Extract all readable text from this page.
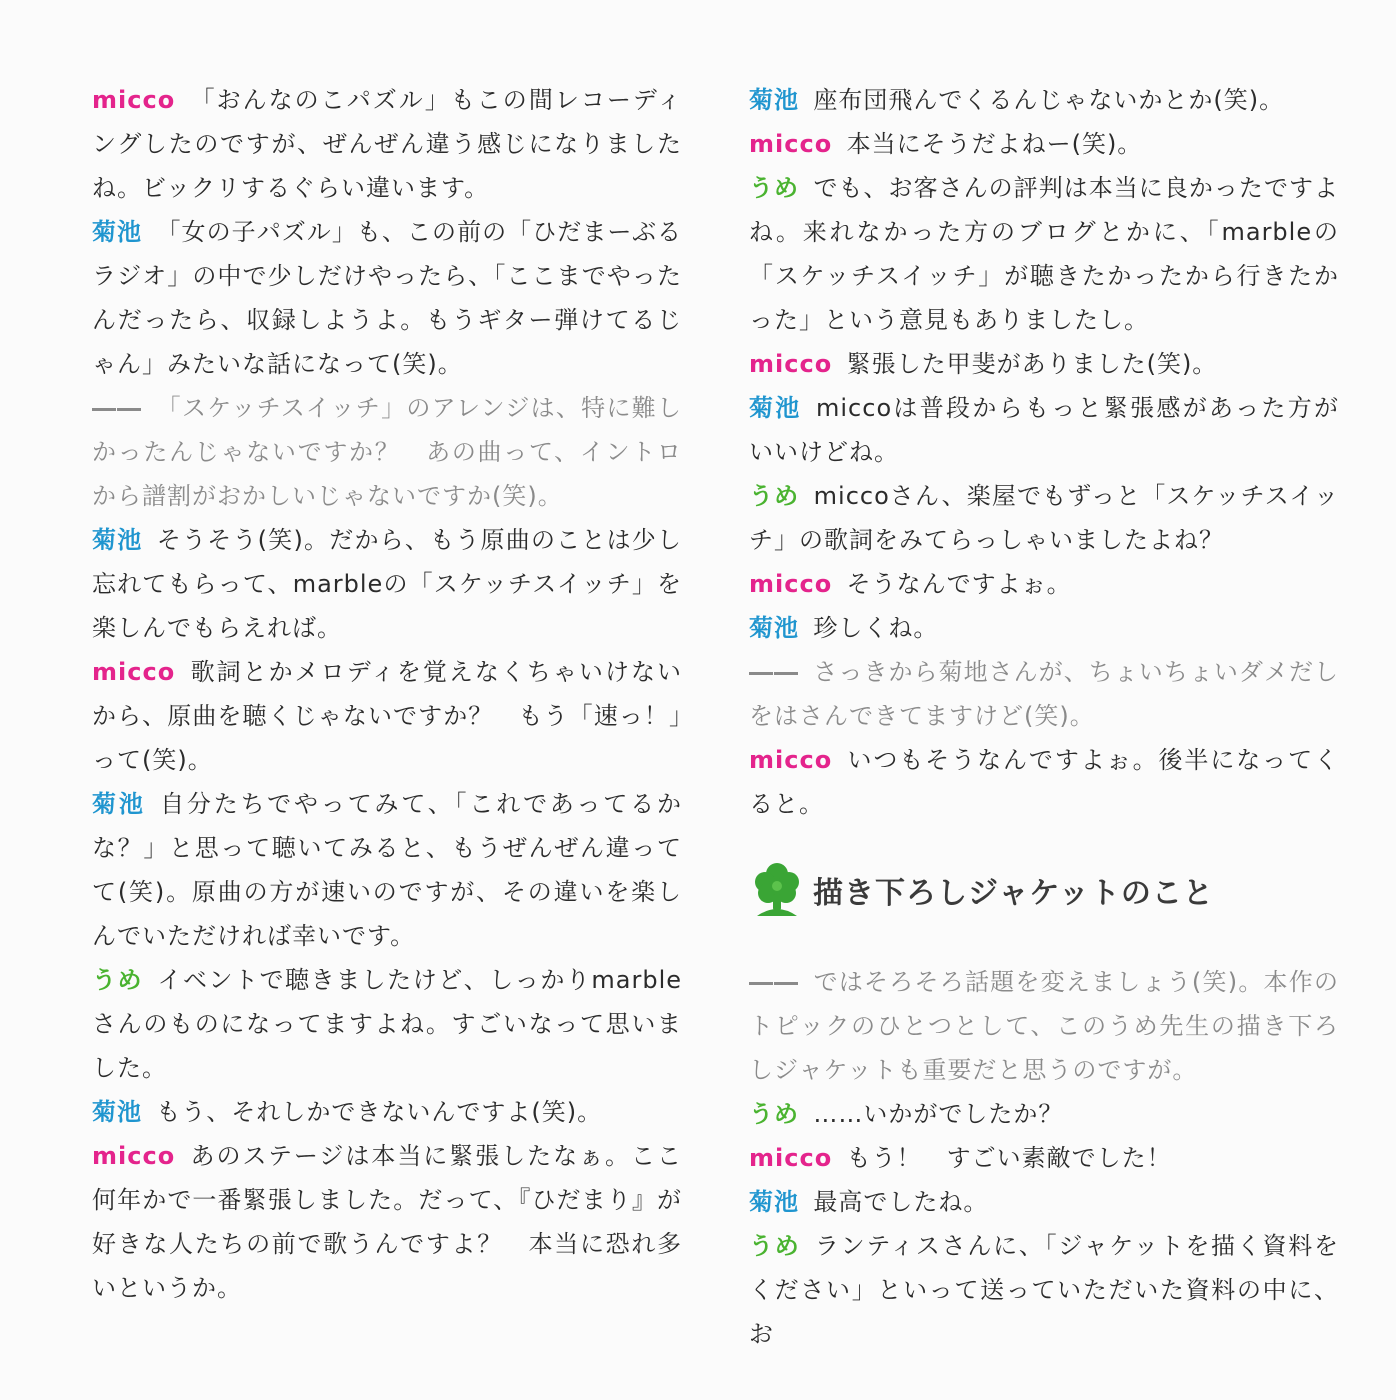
micco 「おんなのこパズル」もこの間レコーディングしたのですが、ぜんぜん違う感じになりましたね。ビックリするぐらい違います。

菊池 「女の子パズル」も、この前の「ひだまーぶるラジオ」の中で少しだけやったら、「ここまでやったんだったら、収録しようよ。もうギター弾けてるじゃん」みたいな話になって(笑)。

―― 「スケッチスイッチ」のアレンジは、特に難しかったんじゃないですか？　あの曲って、イントロから譜割がおかしいじゃないですか(笑)。

菊池 そうそう(笑)。だから、もう原曲のことは少し忘れてもらって、marbleの「スケッチスイッチ」を楽しんでもらえれば。

micco 歌詞とかメロディを覚えなくちゃいけないから、原曲を聴くじゃないですか？　もう「速っ！」って(笑)。

菊池 自分たちでやってみて、「これであってるかな？」と思って聴いてみると、もうぜんぜん違ってて(笑)。原曲の方が速いのですが、その違いを楽しんでいただければ幸いです。

うめ イベントで聴きましたけど、しっかりmarbleさんのものになってますよね。すごいなって思いました。

菊池 もう、それしかできないんですよ(笑)。

micco あのステージは本当に緊張したなぁ。ここ何年かで一番緊張しました。だって、『ひだまり』が好きな人たちの前で歌うんですよ？　本当に恐れ多いというか。

菊池 座布団飛んでくるんじゃないかとか(笑)。

micco 本当にそうだよねー(笑)。

うめ でも、お客さんの評判は本当に良かったですよね。来れなかった方のブログとかに、「marbleの「スケッチスイッチ」が聴きたかったから行きたかった」という意見もありましたし。

micco 緊張した甲斐がありました(笑)。

菊池 miccoは普段からもっと緊張感があった方がいいけどね。

うめ miccoさん、楽屋でもずっと「スケッチスイッチ」の歌詞をみてらっしゃいましたよね？

micco そうなんですよぉ。

菊池 珍しくね。

―― さっきから菊地さんが、ちょいちょいダメだしをはさんできてますけど(笑)。

micco いつもそうなんですよぉ。後半になってくると。

描き下ろしジャケットのこと

―― ではそろそろ話題を変えましょう(笑)。本作のトピックのひとつとして、このうめ先生の描き下ろしジャケットも重要だと思うのですが。

うめ ……いかがでしたか？

micco もう！　すごい素敵でした！

菊池 最高でしたね。

うめ ランティスさんに、「ジャケットを描く資料をください」といって送っていただいた資料の中に、お
